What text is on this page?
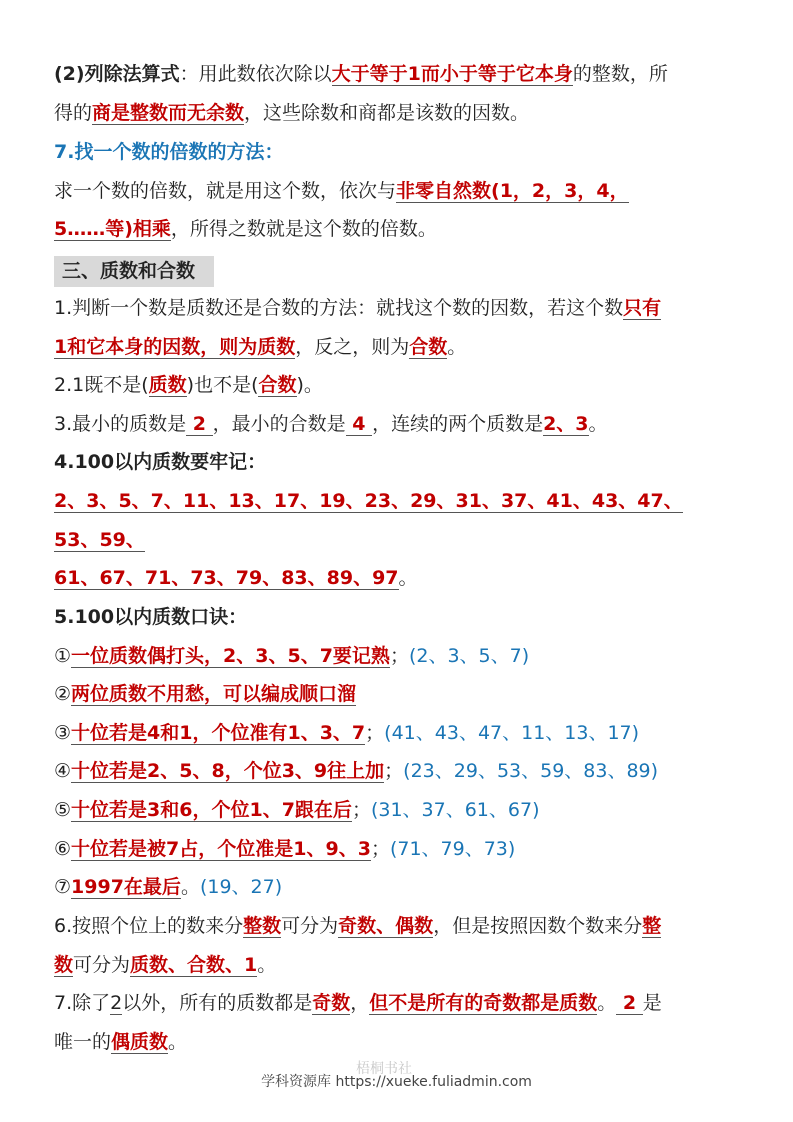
(2)列除法算式：用此数依次除以大于等于1而小于等于它本身的整数，所
得的商是整数而无余数，这些除数和商都是该数的因数。
7.找一个数的倍数的方法：
求一个数的倍数，就是用这个数，依次与非零自然数(1，2，3，4，
5……等)相乘，所得之数就是这个数的倍数。
三、质数和合数
1.判断一个数是质数还是合数的方法：就找这个数的因数，若这个数只有
1和它本身的因数，则为质数，反之，则为合数。
2.1既不是(质数)也不是(合数)。
3.最小的质数是 2 ，最小的合数是 4 ，连续的两个质数是2、3。
4.100以内质数要牢记：
2、3、5、7、11、13、17、19、23、29、31、37、41、43、47、
53、59、
61、67、71、73、79、83、89、97。
5.100以内质数口诀：
①一位质数偶打头，2、3、5、7要记熟；(2、3、5、7)
②两位质数不用愁，可以编成顺口溜
③十位若是4和1，个位准有1、3、7；(41、43、47、11、13、17)
④十位若是2、5、8，个位3、9往上加；(23、29、53、59、83、89)
⑤十位若是3和6，个位1、7跟在后；(31、37、61、67)
⑥十位若是被7占，个位准是1、9、3；(71、79、73)
⑦1997在最后。(19、27)
6.按照个位上的数来分整数可分为奇数、偶数，但是按照因数个数来分整
数可分为质数、合数、1。
7.除了2以外，所有的质数都是奇数，但不是所有的奇数都是质数。 2 是
唯一的偶质数。
梧桐书社
学科资源库 https://xueke.fuliadmin.com
